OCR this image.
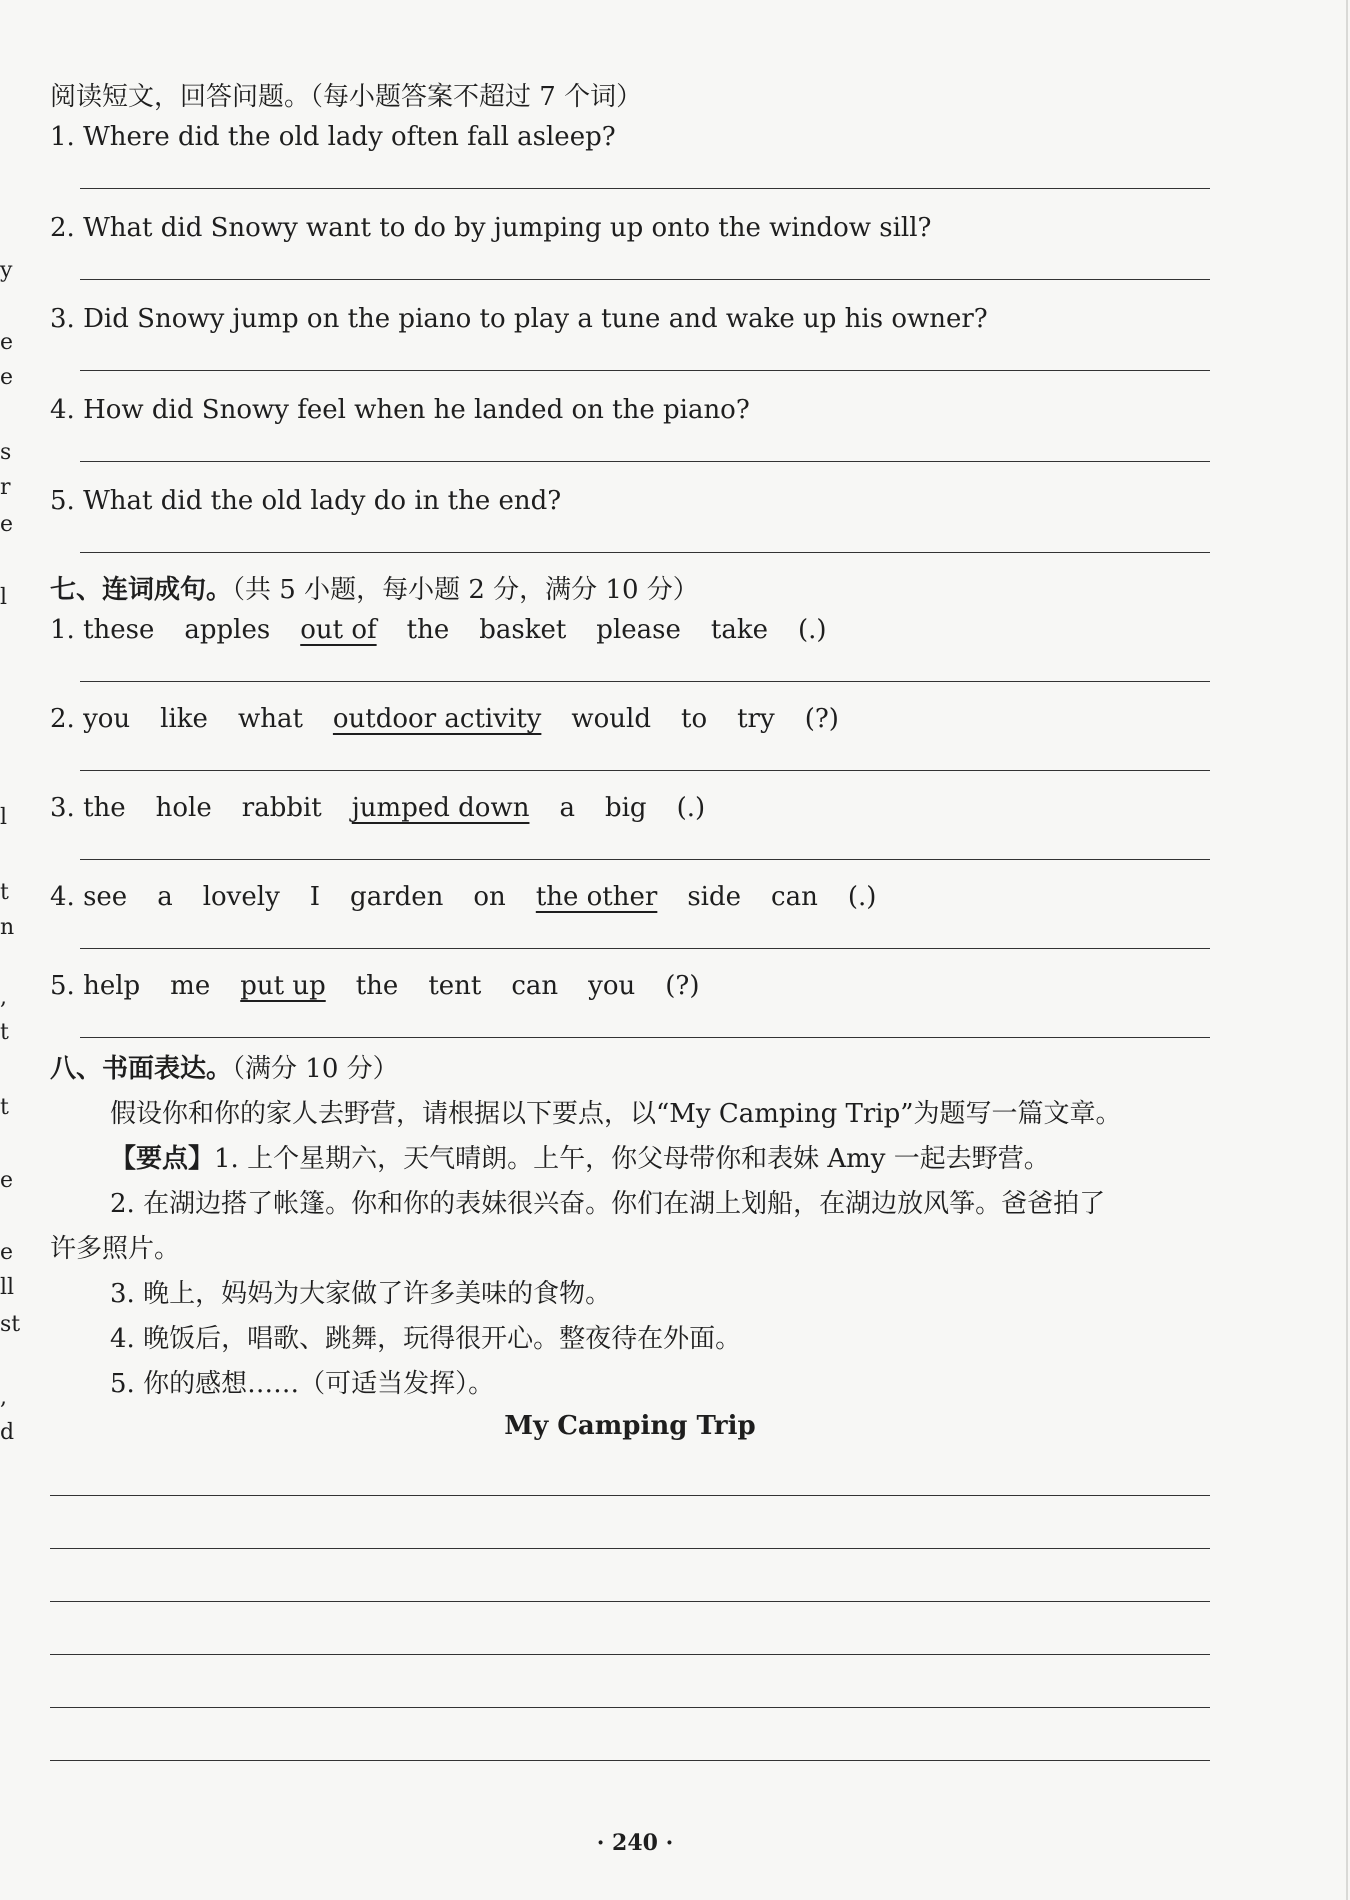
y
e
e
s
r
e
l
l
t
n
,
t
t
e
e
ll
st
,
d
阅读短文，回答问题。（每小题答案不超过 7 个词）
1. Where did the old lady often fall asleep?
2. What did Snowy want to do by jumping up onto the window sill?
3. Did Snowy jump on the piano to play a tune and wake up his owner?
4. How did Snowy feel when he landed on the piano?
5. What did the old lady do in the end?
七、连词成句。（共 5 小题，每小题 2 分，满分 10 分）
1. these apples out of the basket please take (.)
2. you like what outdoor activity would to try (?)
3. the hole rabbit jumped down a big (.)
4. see a lovely I garden on the other side can (.)
5. help me put up the tent can you (?)
八、书面表达。（满分 10 分）
假设你和你的家人去野营，请根据以下要点，以“My Camping Trip”为题写一篇文章。
【要点】1. 上个星期六，天气晴朗。上午，你父母带你和表妹 Amy 一起去野营。
2. 在湖边搭了帐篷。你和你的表妹很兴奋。你们在湖上划船，在湖边放风筝。爸爸拍了
许多照片。
3. 晚上，妈妈为大家做了许多美味的食物。
4. 晚饭后，唱歌、跳舞，玩得很开心。整夜待在外面。
5. 你的感想……（可适当发挥）。
My Camping Trip
· 240 ·
